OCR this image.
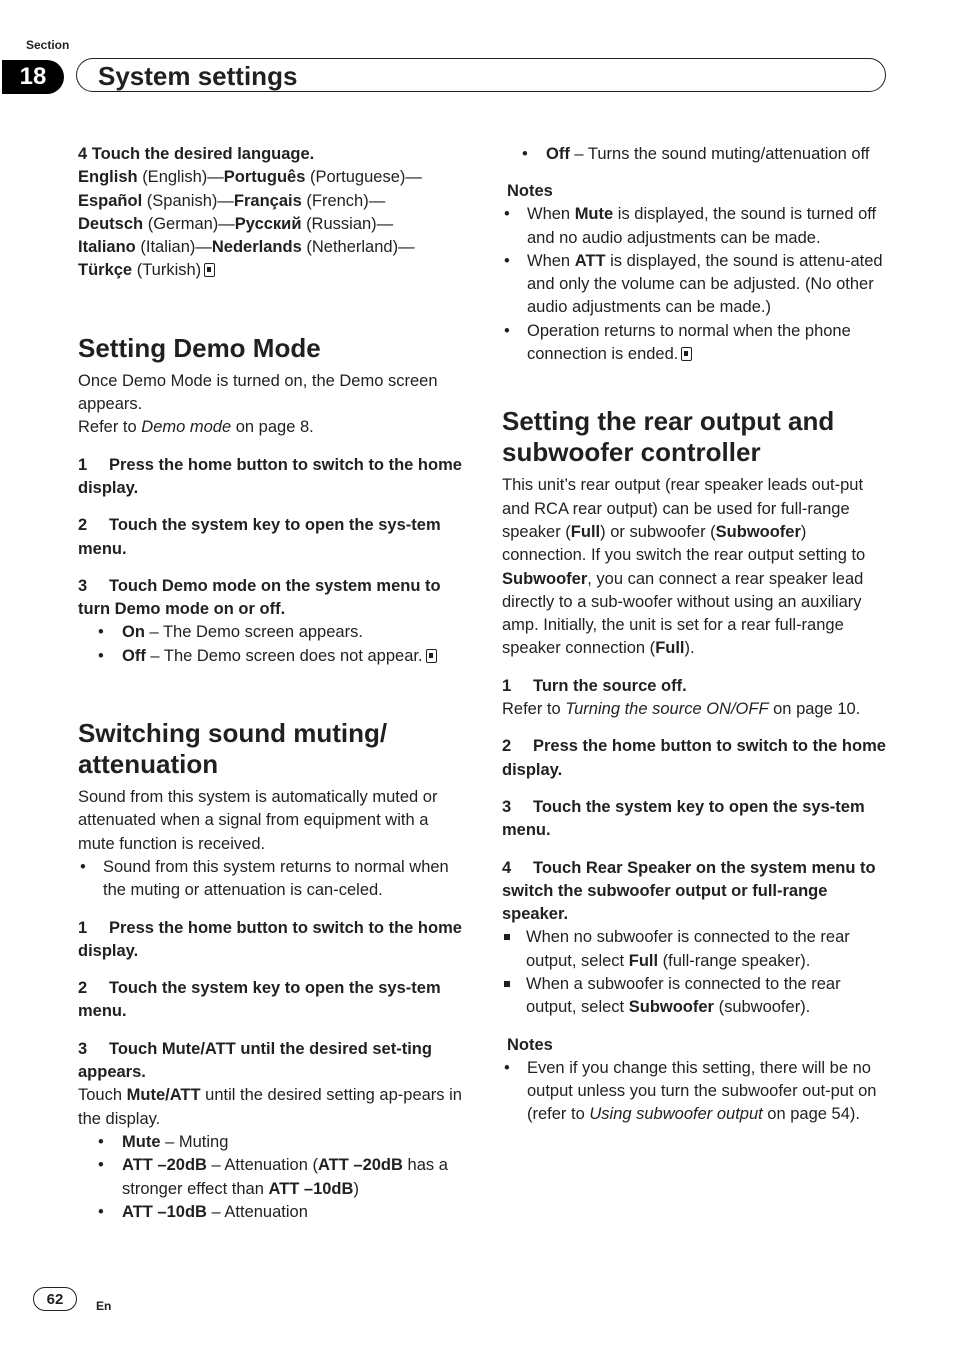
Section
18	System settings

4 Touch the desired language.

English (English)—Português (Portuguese)—
Español (Spanish)—Français (French)—
Deutsch (German)—Русский (Russian)—
Italiano (Italian)—Nederlands (Netherland)—
Türkçe (Turkish)

Setting Demo Mode

Once Demo Mode is turned on, the Demo screen appears.

Refer to Demo mode on page 8.

1 Press the home button to switch to the home display.

2 Touch the system key to open the sys-tem menu.

3 Touch Demo mode on the system menu to turn Demo mode on or off.

• On – The Demo screen appears.
• Off – The Demo screen does not appear.
Switching sound muting/ attenuation

Sound from this system is automatically muted or attenuated when a signal from equipment with a mute function is received.

• Sound from this system returns to normal when the muting or attenuation is can-celed.

1 Press the home button to switch to the home display.

2 Touch the system key to open the sys-tem menu.

3 Touch Mute/ATT until the desired set-ting appears.

Touch Mute/ATT until the desired setting ap-pears in the display.

• Mute – Muting
• ATT –20dB – Attenuation (ATT –20dB has a stronger effect than ATT –10dB)
• ATT –10dB – Attenuation
• Off – Turns the sound muting/attenuation off

Notes

• When Mute is displayed, the sound is turned off and no audio adjustments can be made.
• When ATT is displayed, the sound is attenu-ated and only the volume can be adjusted. (No other audio adjustments can be made.)
• Operation returns to normal when the phone connection is ended.
Setting the rear output and subwoofer controller

This unit’s rear output (rear speaker leads out-put and RCA rear output) can be used for full-range speaker (Full) or subwoofer (Subwoofer) connection. If you switch the rear output setting to Subwoofer, you can connect a rear speaker lead directly to a sub-woofer without using an auxiliary amp. Initially, the unit is set for a rear full-range speaker connection (Full).

1 Turn the source off.

Refer to Turning the source ON/OFF on page 10.

2 Press the home button to switch to the home display.

3 Touch the system key to open the sys-tem menu.

4 Touch Rear Speaker on the system menu to switch the subwoofer output or full-range speaker.

When no subwoofer is connected to the rear output, select Full (full-range speaker).
When a subwoofer is connected to the rear output, select Subwoofer (subwoofer).

Notes

• Even if you change this setting, there will be no output unless you turn the subwoofer out-put on (refer to Using subwoofer output on page 54).
62	En
